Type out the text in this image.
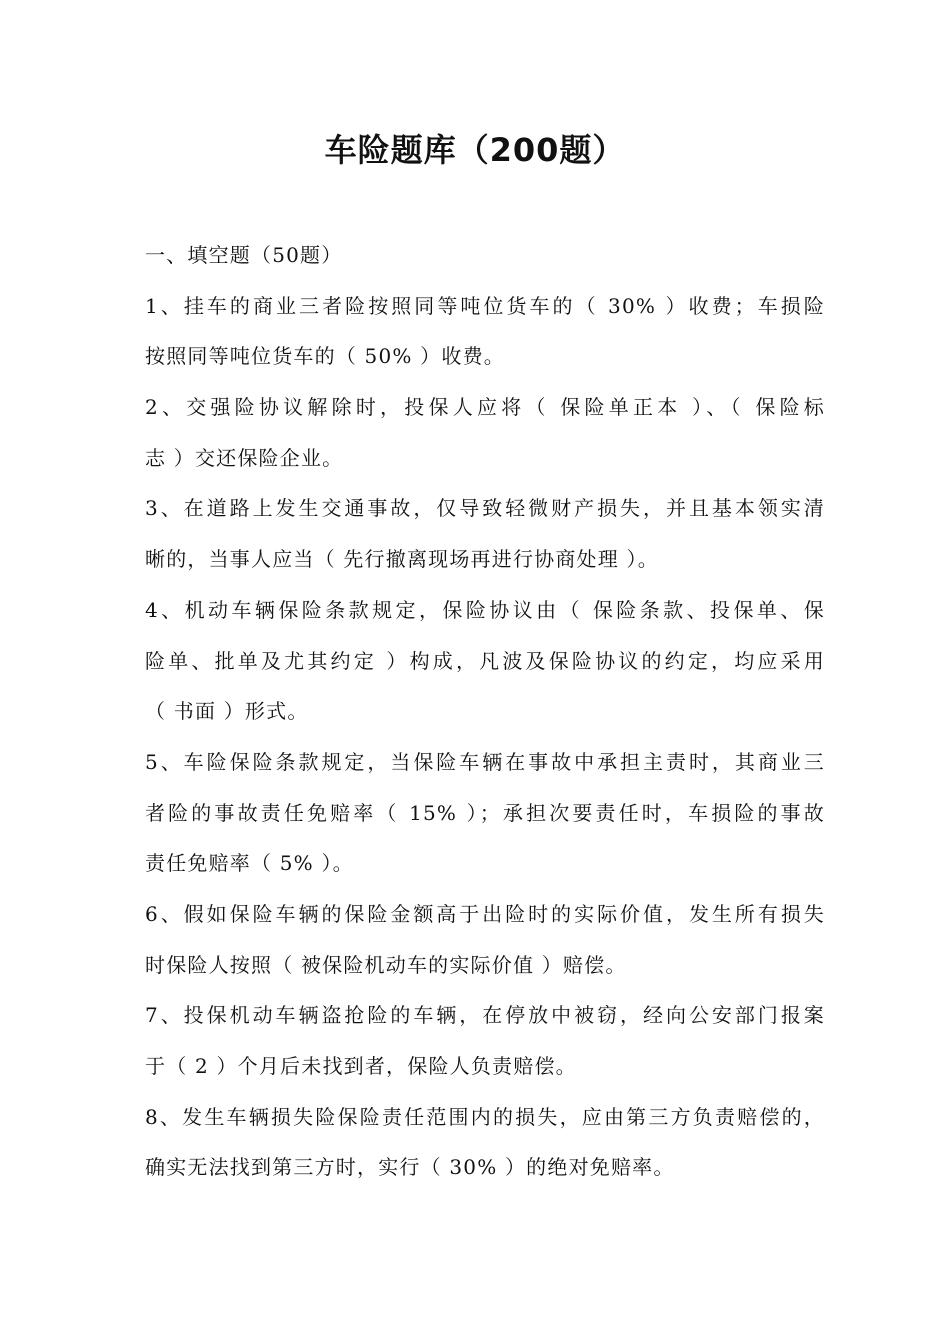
车险题库（200题）
一、填空题（50题）
1、挂车的商业三者险按照同等吨位货车的（ 30% ）收费；车损险
按照同等吨位货车的（ 50% ）收费。
2、交强险协议解除时，投保人应将（ 保险单正本 ）、（ 保险标
志 ）交还保险企业。
3、在道路上发生交通事故，仅导致轻微财产损失，并且基本领实清
晰的，当事人应当（ 先行撤离现场再进行协商处理 ）。
4、机动车辆保险条款规定，保险协议由（ 保险条款、投保单、保
险单、批单及尤其约定 ）构成，凡波及保险协议的约定，均应采用
（ 书面 ）形式。
5、车险保险条款规定，当保险车辆在事故中承担主责时，其商业三
者险的事故责任免赔率（ 15% ）；承担次要责任时，车损险的事故
责任免赔率（ 5% ）。
6、假如保险车辆的保险金额高于出险时的实际价值，发生所有损失
时保险人按照（ 被保险机动车的实际价值 ）赔偿。
7、投保机动车辆盗抢险的车辆，在停放中被窃，经向公安部门报案
于（ 2 ）个月后未找到者，保险人负责赔偿。
8、发生车辆损失险保险责任范围内的损失，应由第三方负责赔偿的，
确实无法找到第三方时，实行（ 30% ）的绝对免赔率。
